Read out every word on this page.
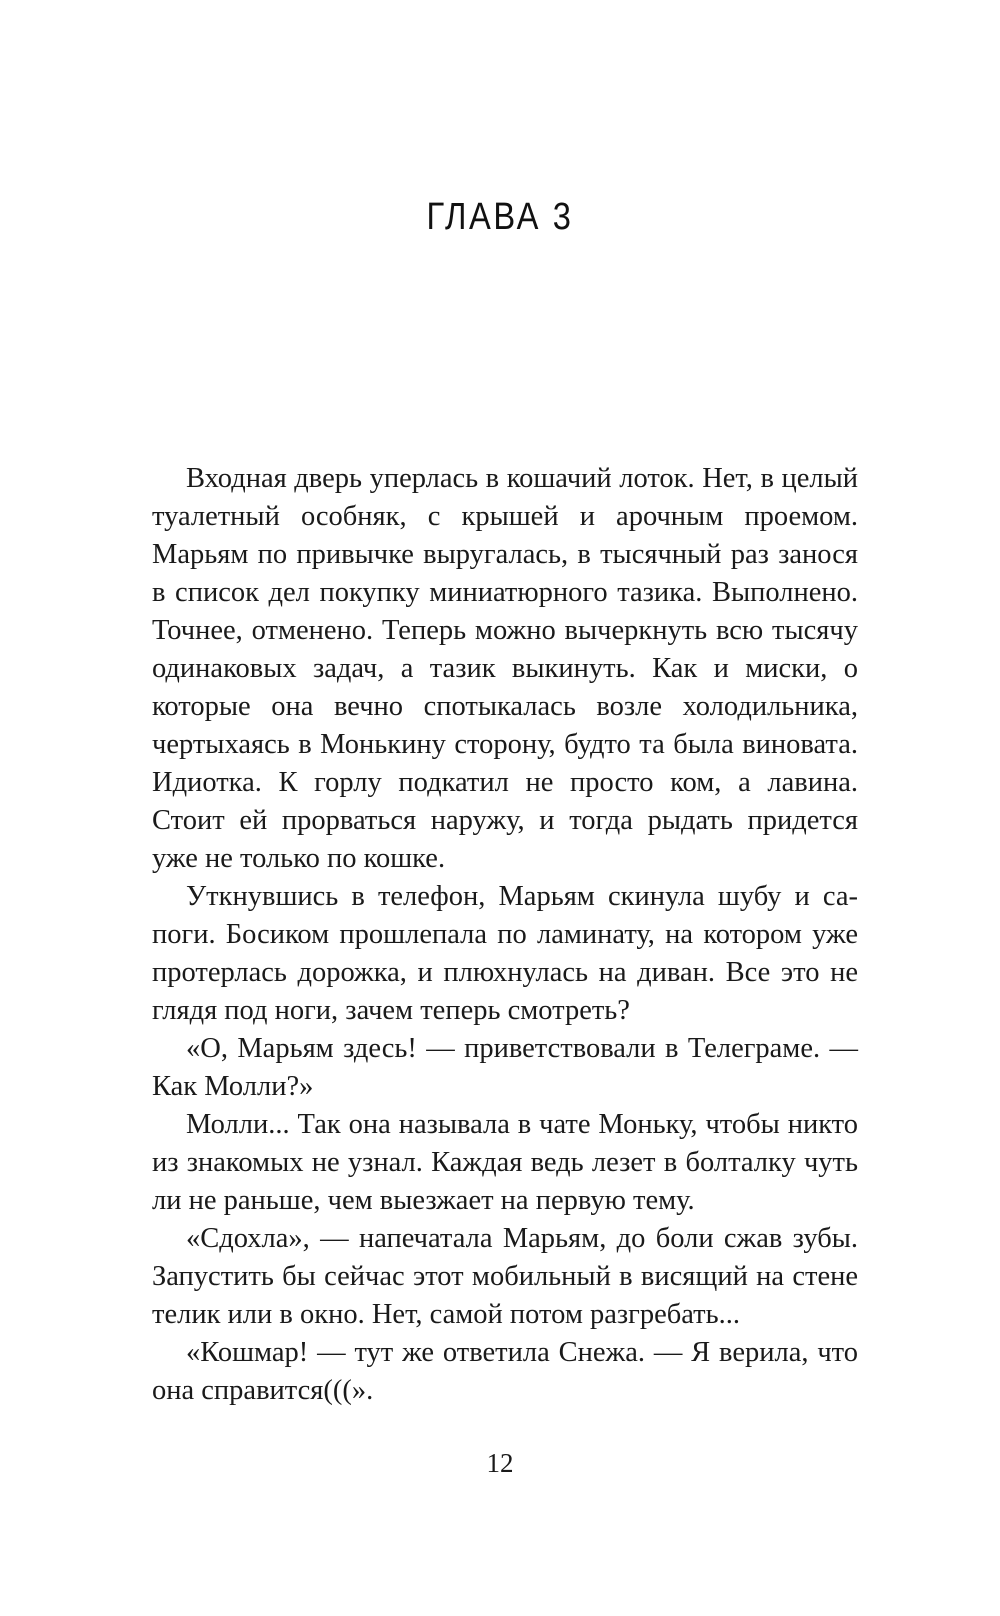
ГЛАВА 3

Входная дверь уперлась в кошачий лоток. Нет, в целый туалетный особняк, с крышей и арочным проемом. Марьям по привычке выругалась, в тысячный раз занося в список дел покупку миниатюрного тазика. Выполнено. Точнее, отменено. Теперь можно вычеркнуть всю тысячу одинаковых задач, а тазик выкинуть. Как и миски, о которые она вечно спотыкалась возле холодильника, чертыхаясь в Монькину сторону, будто та была виновата. Идиотка. К горлу подкатил не просто ком, а лавина. Стоит ей прорваться наружу, и тогда рыдать придется уже не только по кошке.

Уткнувшись в телефон, Марьям скинула шубу и сапоги. Босиком прошлепала по ламинату, на котором уже протерлась дорожка, и плюхнулась на диван. Все это не глядя под ноги, зачем теперь смотреть?

«О, Марьям здесь! — приветствовали в Телеграме. — Как Молли?»

Молли... Так она называла в чате Моньку, чтобы никто из знакомых не узнал. Каждая ведь лезет в болталку чуть ли не раньше, чем выезжает на первую тему.

«Сдохла», — напечатала Марьям, до боли сжав зубы. Запустить бы сейчас этот мобильный в висящий на стене телик или в окно. Нет, самой потом разгребать...

«Кошмар! — тут же ответила Снежа. — Я верила, что она справится(((».

12
